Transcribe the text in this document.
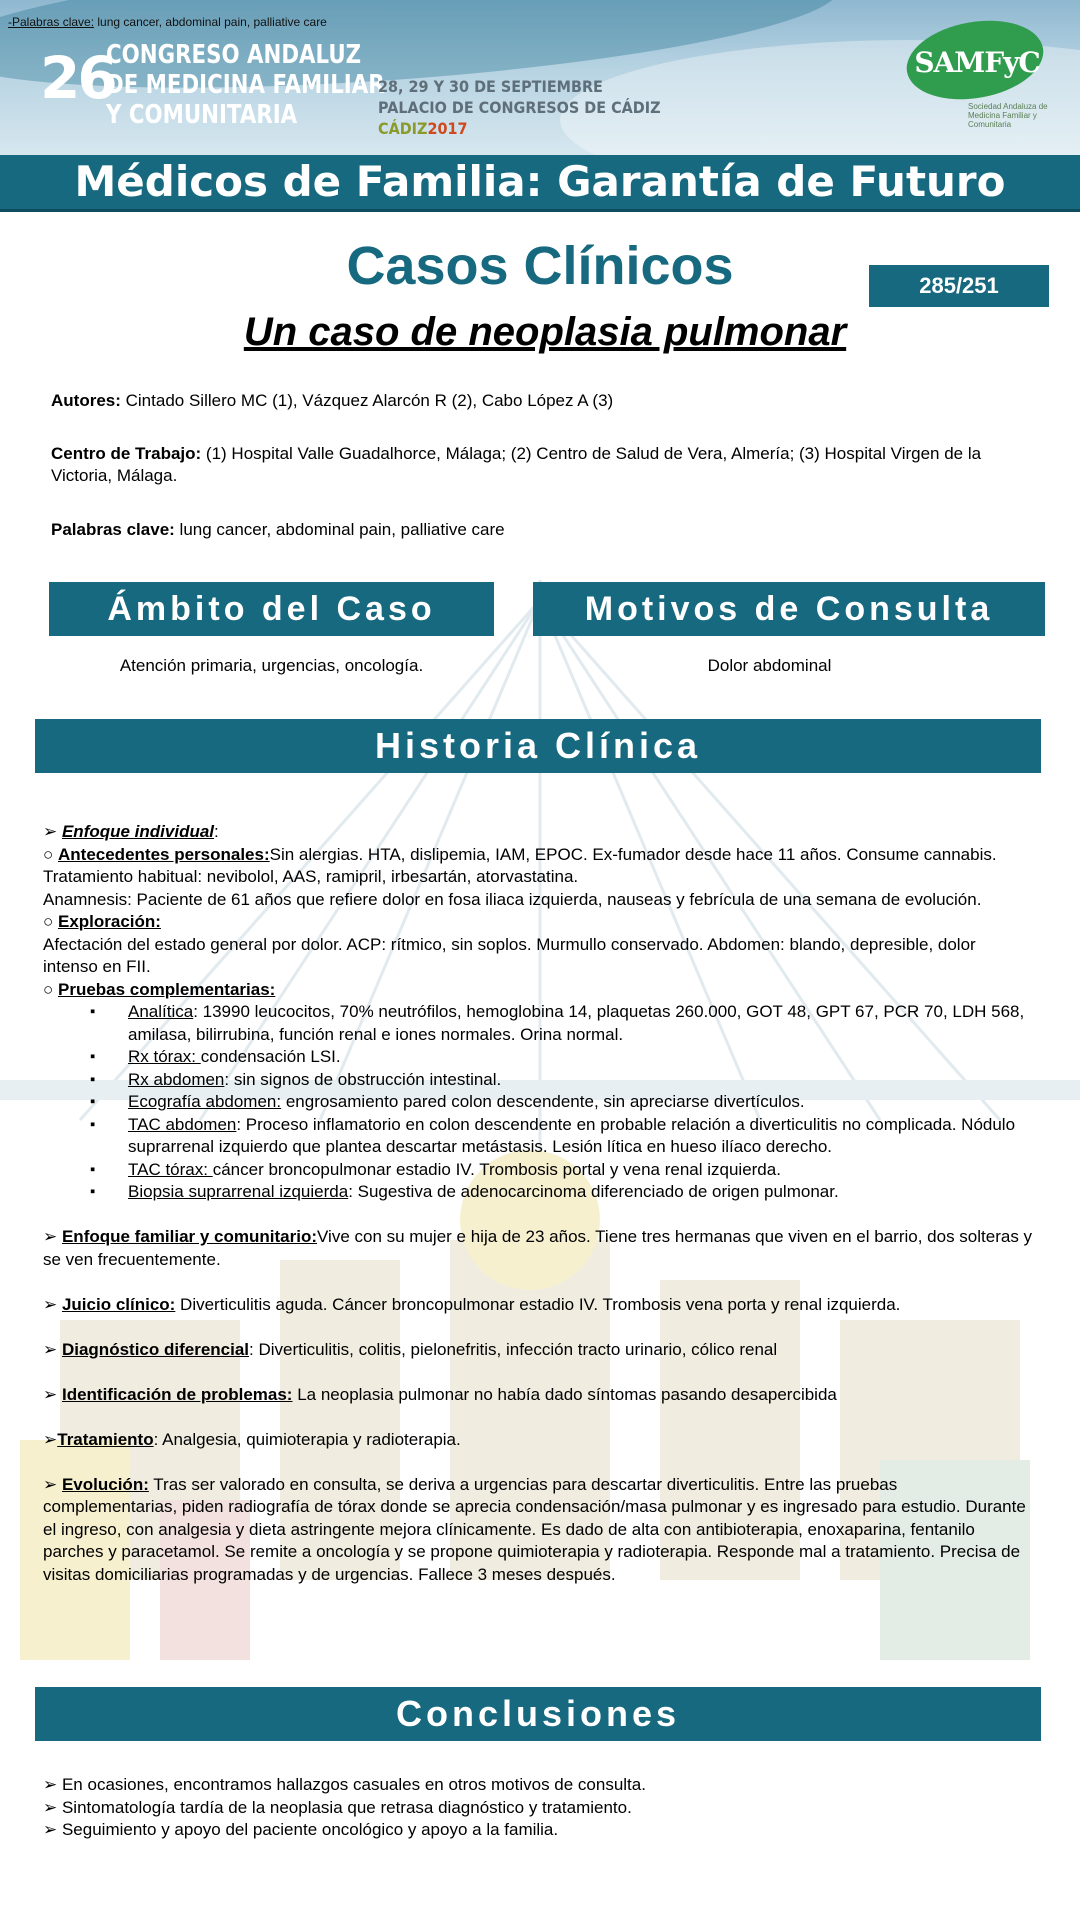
-Palabras clave: lung cancer, abdominal pain, palliative care
26
CONGRESO ANDALUZ
DE MEDICINA FAMILIAR
Y COMUNITARIA
28, 29 Y 30 DE SEPTIEMBRE
PALACIO DE CONGRESOS DE CÁDIZ
CÁDIZ2017
SAMFyC
Sociedad Andaluza de Medicina Familiar y Comunitaria
Médicos de Familia: Garantía de Futuro
Casos Clínicos	285/251
Un caso de neoplasia pulmonar
Autores: Cintado Sillero MC (1), Vázquez Alarcón R (2), Cabo López A (3)
Centro de Trabajo: (1) Hospital Valle Guadalhorce, Málaga; (2) Centro de Salud de Vera, Almería; (3) Hospital Virgen de la Victoria, Málaga.
Palabras clave: lung cancer, abdominal pain, palliative care
Ámbito del Caso	Motivos de Consulta
Atención primaria, urgencias, oncología.	Dolor abdominal
Historia Clínica

➢ Enfoque individual:

○ Antecedentes personales:Sin alergias. HTA, dislipemia, IAM, EPOC. Ex-fumador desde hace 11 años. Consume cannabis. Tratamiento habitual: nevibolol, AAS, ramipril, irbesartán, atorvastatina.

Anamnesis: Paciente de 61 años que refiere dolor en fosa iliaca izquierda, nauseas y febrícula de una semana de evolución.

○ Exploración:

Afectación del estado general por dolor. ACP: rítmico, sin soplos. Murmullo conservado. Abdomen: blando, depresible, dolor intenso en FII.

○ Pruebas complementarias:

▪ Analítica: 13990 leucocitos, 70% neutrófilos, hemoglobina 14, plaquetas 260.000, GOT 48, GPT 67, PCR 70, LDH 568, amilasa, bilirrubina, función renal e iones normales. Orina normal.
▪ Rx tórax: condensación LSI.
▪ Rx abdomen: sin signos de obstrucción intestinal.
▪ Ecografía abdomen: engrosamiento pared colon descendente, sin apreciarse divertículos.
▪ TAC abdomen: Proceso inflamatorio en colon descendente en probable relación a diverticulitis no complicada. Nódulo suprarrenal izquierdo que plantea descartar metástasis. Lesión lítica en hueso ilíaco derecho.
▪ TAC tórax: cáncer broncopulmonar estadio IV. Trombosis portal y vena renal izquierda.
▪ Biopsia suprarrenal izquierda: Sugestiva de adenocarcinoma diferenciado de origen pulmonar.

➢ Enfoque familiar y comunitario:Vive con su mujer e hija de 23 años. Tiene tres hermanas que viven en el barrio, dos solteras y se ven frecuentemente.

➢ Juicio clínico: Diverticulitis aguda. Cáncer broncopulmonar estadio IV. Trombosis vena porta y renal izquierda.

➢ Diagnóstico diferencial: Diverticulitis, colitis, pielonefritis, infección tracto urinario, cólico renal

➢ Identificación de problemas: La neoplasia pulmonar no había dado síntomas pasando desapercibida

➢Tratamiento: Analgesia, quimioterapia y radioterapia.

➢ Evolución: Tras ser valorado en consulta, se deriva a urgencias para descartar diverticulitis. Entre las pruebas complementarias, piden radiografía de tórax donde se aprecia condensación/masa pulmonar y es ingresado para estudio. Durante el ingreso, con analgesia y dieta astringente mejora clínicamente. Es dado de alta con antibioterapia, enoxaparina, fentanilo parches y paracetamol. Se remite a oncología y se propone quimioterapia y radioterapia. Responde mal a tratamiento. Precisa de visitas domiciliarias programadas y de urgencias. Fallece 3 meses después.

Conclusiones

➢ En ocasiones, encontramos hallazgos casuales en otros motivos de consulta.

➢ Sintomatología tardía de la neoplasia que retrasa diagnóstico y tratamiento.

➢ Seguimiento y apoyo del paciente oncológico y apoyo a la familia.
